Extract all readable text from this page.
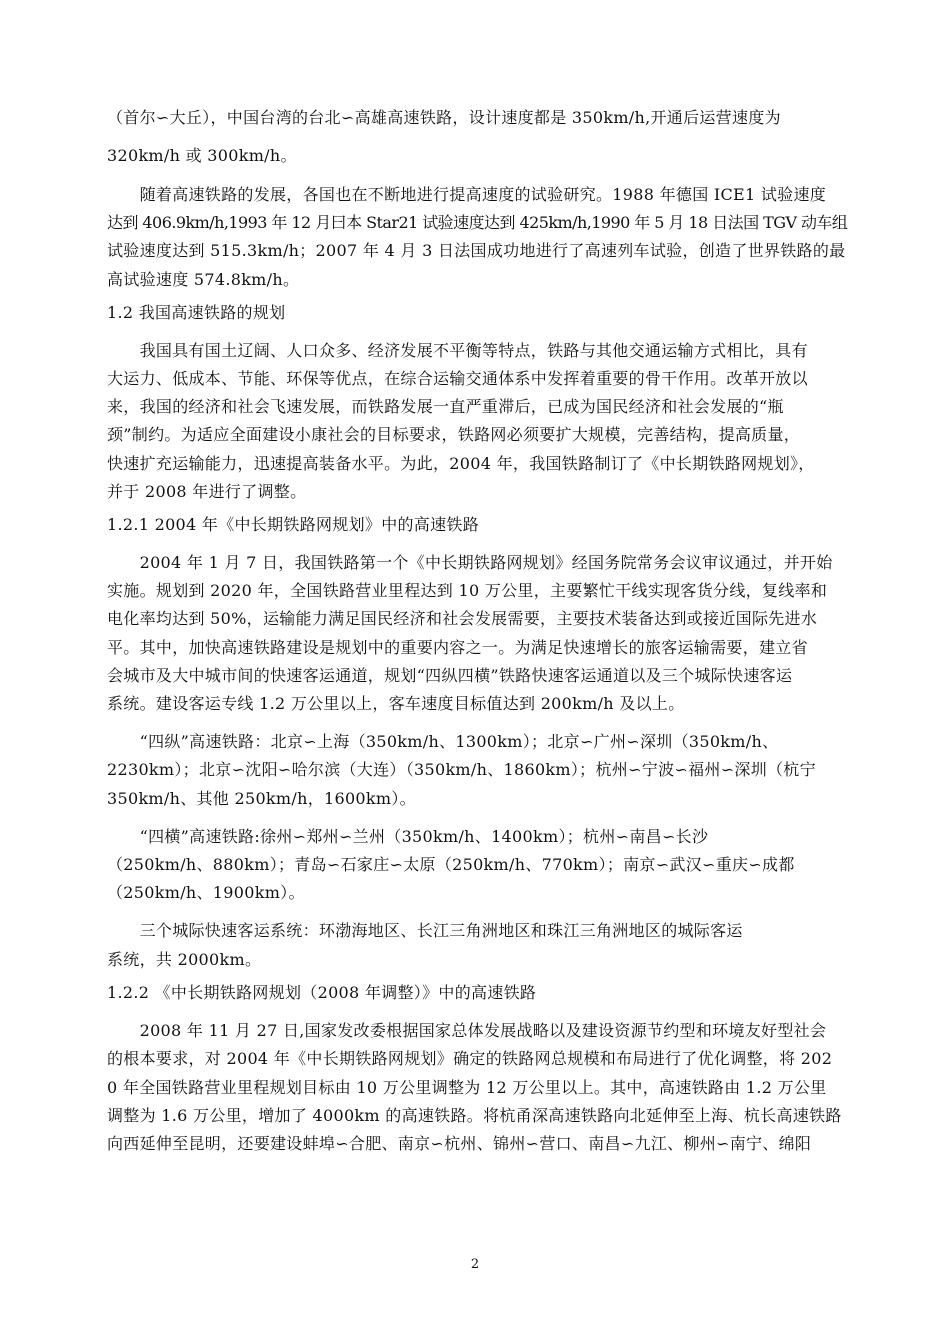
（首尔∽大丘），中国台湾的台北∽高雄高速铁路，设计速度都是 350km/h,开通后运营速度为
320km/h 或 300km/h。
　　随着高速铁路的发展，各国也在不断地进行提高速度的试验研究。1988 年德国 ICE1 试验速度
达到 406.9km/h,1993 年 12 月曰本 Star21 试验速度达到 425km/h,1990 年 5 月 18 日法国 TGV 动车组
试验速度达到 515.3km/h；2007 年 4 月 3 日法国成功地进行了高速列车试验，创造了世界铁路的最
高试验速度 574.8km/h。
1.2 我国高速铁路的规划
　　我国具有国土辽阔、人口众多、经济发展不平衡等特点，铁路与其他交通运输方式相比，具有
大运力、低成本、节能、环保等优点，在综合运输交通体系中发挥着重要的骨干作用。改革开放以
来，我国的经济和社会飞速发展，而铁路发展一直严重滞后，已成为国民经济和社会发展的“瓶
颈”制约。为适应全面建设小康社会的目标要求，铁路网必须要扩大规模，完善结构，提高质量，
快速扩充运输能力，迅速提高装备水平。为此，2004 年，我国铁路制订了《中长期铁路网规划》，
并于 2008 年进行了调整。
1.2.1 2004 年《中长期铁路网规划》中的高速铁路
　　2004 年 1 月 7 日，我国铁路第一个《中长期铁路网规划》经国务院常务会议审议通过，并开始
实施。规划到 2020 年，全国铁路营业里程达到 10 万公里，主要繁忙干线实现客货分线，复线率和
电化率均达到 50%，运输能力满足国民经济和社会发展需要，主要技术装备达到或接近国际先进水
平。其中，加快高速铁路建设是规划中的重要内容之一。为满足快速增长的旅客运输需要，建立省
会城市及大中城市间的快速客运通道，规划“四纵四横”铁路快速客运通道以及三个城际快速客运
系统。建设客运专线 1.2 万公里以上，客车速度目标值达到 200km/h 及以上。
　　“四纵”高速铁路：北京∽上海（350km/h、1300km）；北京∽广州∽深圳（350km/h、
2230km）；北京∽沈阳∽哈尔滨（大连）（350km/h、1860km）；杭州∽宁波∽福州∽深圳（杭宁
350km/h、其他 250km/h，1600km）。
　　“四横”高速铁路:徐州∽郑州∽兰州（350km/h、1400km）；杭州∽南昌∽长沙
（250km/h、880km）；青岛∽石家庄∽太原（250km/h、770km）；南京∽武汉∽重庆∽成都
（250km/h、1900km）。
　　三个城际快速客运系统：环渤海地区、长江三角洲地区和珠江三角洲地区的城际客运
系统，共 2000km。
1.2.2 《中长期铁路网规划（2008 年调整）》中的高速铁路
　　2008 年 11 月 27 日,国家发改委根据国家总体发展战略以及建设资源节约型和环境友好型社会
的根本要求，对 2004 年《中长期铁路网规划》确定的铁路网总规模和布局进行了优化调整，将 202
0 年全国铁路营业里程规划目标由 10 万公里调整为 12 万公里以上。其中，高速铁路由 1.2 万公里
调整为 1.6 万公里，增加了 4000km 的高速铁路。将杭甬深高速铁路向北延伸至上海、杭长高速铁路
向西延伸至昆明，还要建设蚌埠∽合肥、南京∽杭州、锦州∽营口、南昌∽九江、柳州∽南宁、绵阳
2
